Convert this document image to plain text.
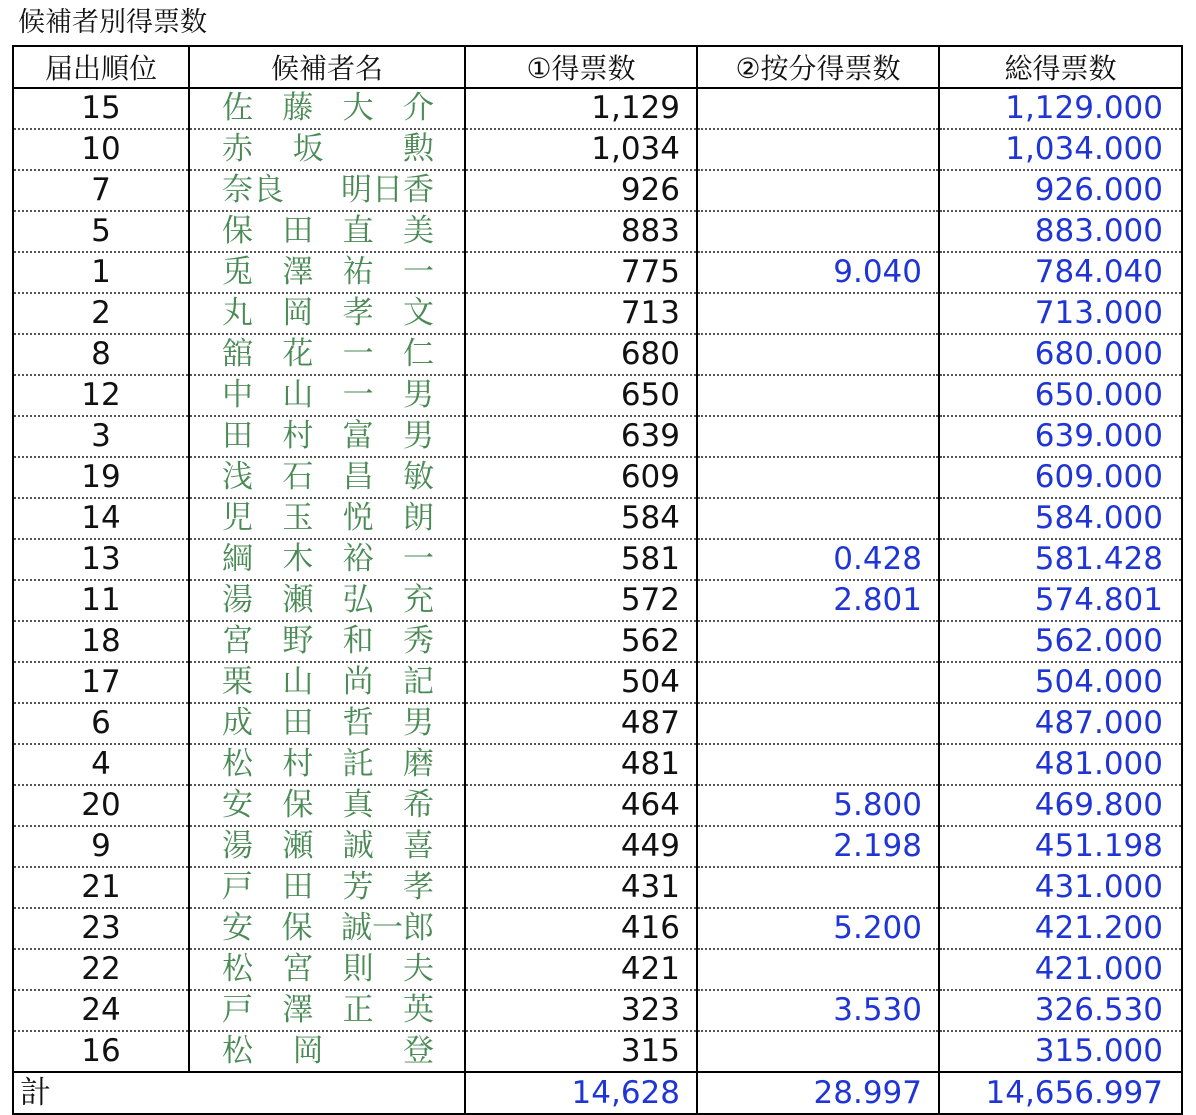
候補者別得票数
届出順位	候補者名	①得票数	②按分得票数	総得票数
15	佐 藤 大 介	1,129		1,129.000
10	赤 坂 勲	1,034		1,034.000
7	奈良 明日香	926		926.000
5	保 田 直 美	883		883.000
1	兎 澤 祐 一	775	9.040	784.040
2	丸 岡 孝 文	713		713.000
8	舘 花 一 仁	680		680.000
12	中 山 一 男	650		650.000
3	田 村 富 男	639		639.000
19	浅 石 昌 敏	609		609.000
14	児 玉 悦 朗	584		584.000
13	綱 木 裕 一	581	0.428	581.428
11	湯 瀬 弘 充	572	2.801	574.801
18	宮 野 和 秀	562		562.000
17	栗 山 尚 記	504		504.000
6	成 田 哲 男	487		487.000
4	松 村 託 磨	481		481.000
20	安 保 真 希	464	5.800	469.800
9	湯 瀬 誠 喜	449	2.198	451.198
21	戸 田 芳 孝	431		431.000
23	安 保 誠一郎	416	5.200	421.200
22	松 宮 則 夫	421		421.000
24	戸 澤 正 英	323	3.530	326.530
16	松 岡 登	315		315.000
計		14,628	28.997	14,656.997
